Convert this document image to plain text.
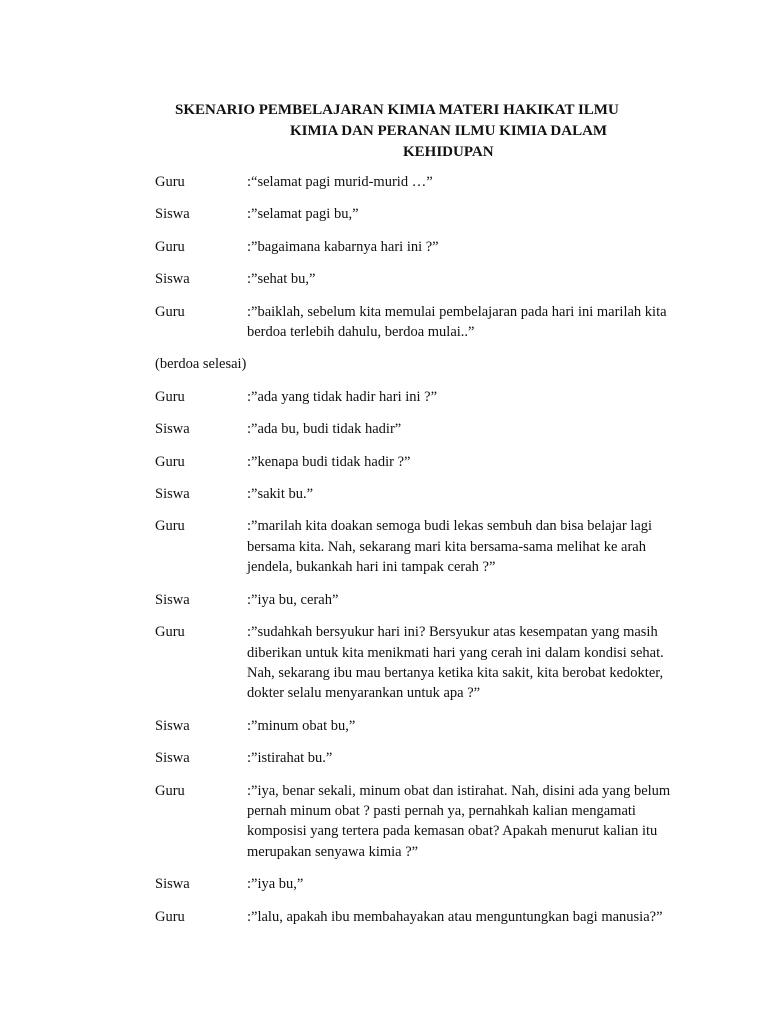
SKENARIO PEMBELAJARAN KIMIA MATERI HAKIKAT ILMU
KIMIA DAN PERANAN ILMU KIMIA DALAM
KEHIDUPAN
Guru	:“selamat pagi murid-murid …”
Siswa	:”selamat pagi bu,”
Guru	:”bagaimana kabarnya hari ini ?”
Siswa	:”sehat bu,”
Guru	:”baiklah, sebelum kita memulai pembelajaran pada hari ini marilah kita berdoa terlebih dahulu, berdoa mulai..”
(berdoa selesai)
Guru	:”ada yang tidak hadir hari ini ?”
Siswa	:”ada bu, budi tidak hadir”
Guru	:”kenapa budi tidak hadir ?”
Siswa	:”sakit bu.”
Guru	:”marilah kita doakan semoga budi lekas sembuh dan bisa belajar lagi bersama kita. Nah, sekarang mari kita bersama-sama melihat ke arah jendela, bukankah hari ini tampak cerah ?”
Siswa	:”iya bu, cerah”
Guru	:”sudahkah bersyukur hari ini? Bersyukur atas kesempatan yang masih diberikan untuk kita menikmati hari yang cerah ini dalam kondisi sehat. Nah, sekarang ibu mau bertanya ketika kita sakit, kita berobat kedokter, dokter selalu menyarankan untuk apa ?”
Siswa	:”minum obat bu,”
Siswa	:”istirahat bu.”
Guru	:”iya, benar sekali, minum obat dan istirahat. Nah, disini ada yang belum pernah minum obat ? pasti pernah ya, pernahkah kalian mengamati komposisi yang tertera pada kemasan obat? Apakah menurut kalian itu merupakan senyawa kimia ?”
Siswa	:”iya bu,”
Guru	:”lalu, apakah ibu membahayakan atau menguntungkan bagi manusia?”
